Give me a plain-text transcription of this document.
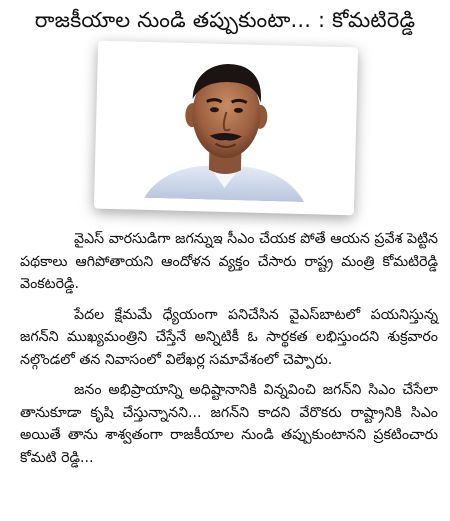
రాజకీయాల నుండి తప్పుకుంటా... : కోమటిరెడ్డి

వైఎస్ వారసుడిగా జగన్నుఇ సీఎం చేయక పోతే ఆయన ప్రవేశ పెట్టిన పథకాలు ఆగిపోతాయని ఆందోళన వ్యక్తం చేసారు రాష్ట్ర మంత్రి కోమటిరెడ్డి వెంకటరెడ్డి.

పేదల క్షేమమే ధ్యేయంగా పనిచేసిన వైఎస్‌బాటలో పయనిస్తున్న జగన్‌ని ముఖ్యమంత్రిని చేస్తేనే అన్నిటికీ ఓ సార్థకత లభిస్తుందని శుక్రవారం నల్గొండలో తన నివాసంలో విలేఖర్ల సమావేశంలో చెప్పారు.

జనం అభిప్రాయాన్ని అధిష్టానానికి విన్నవించి జగన్‌ని సిఎం చేసేలా తానుకూడా కృషి చేస్తున్నానని... జగన్‌ని కాదని వేరొకరు రాష్ట్రానికి సిఎం అయితే తాను శాశ్వతంగా రాజకీయాల నుండి తప్పుకుంటానని ప్రకటించారు కోమటి రెడ్డి...
